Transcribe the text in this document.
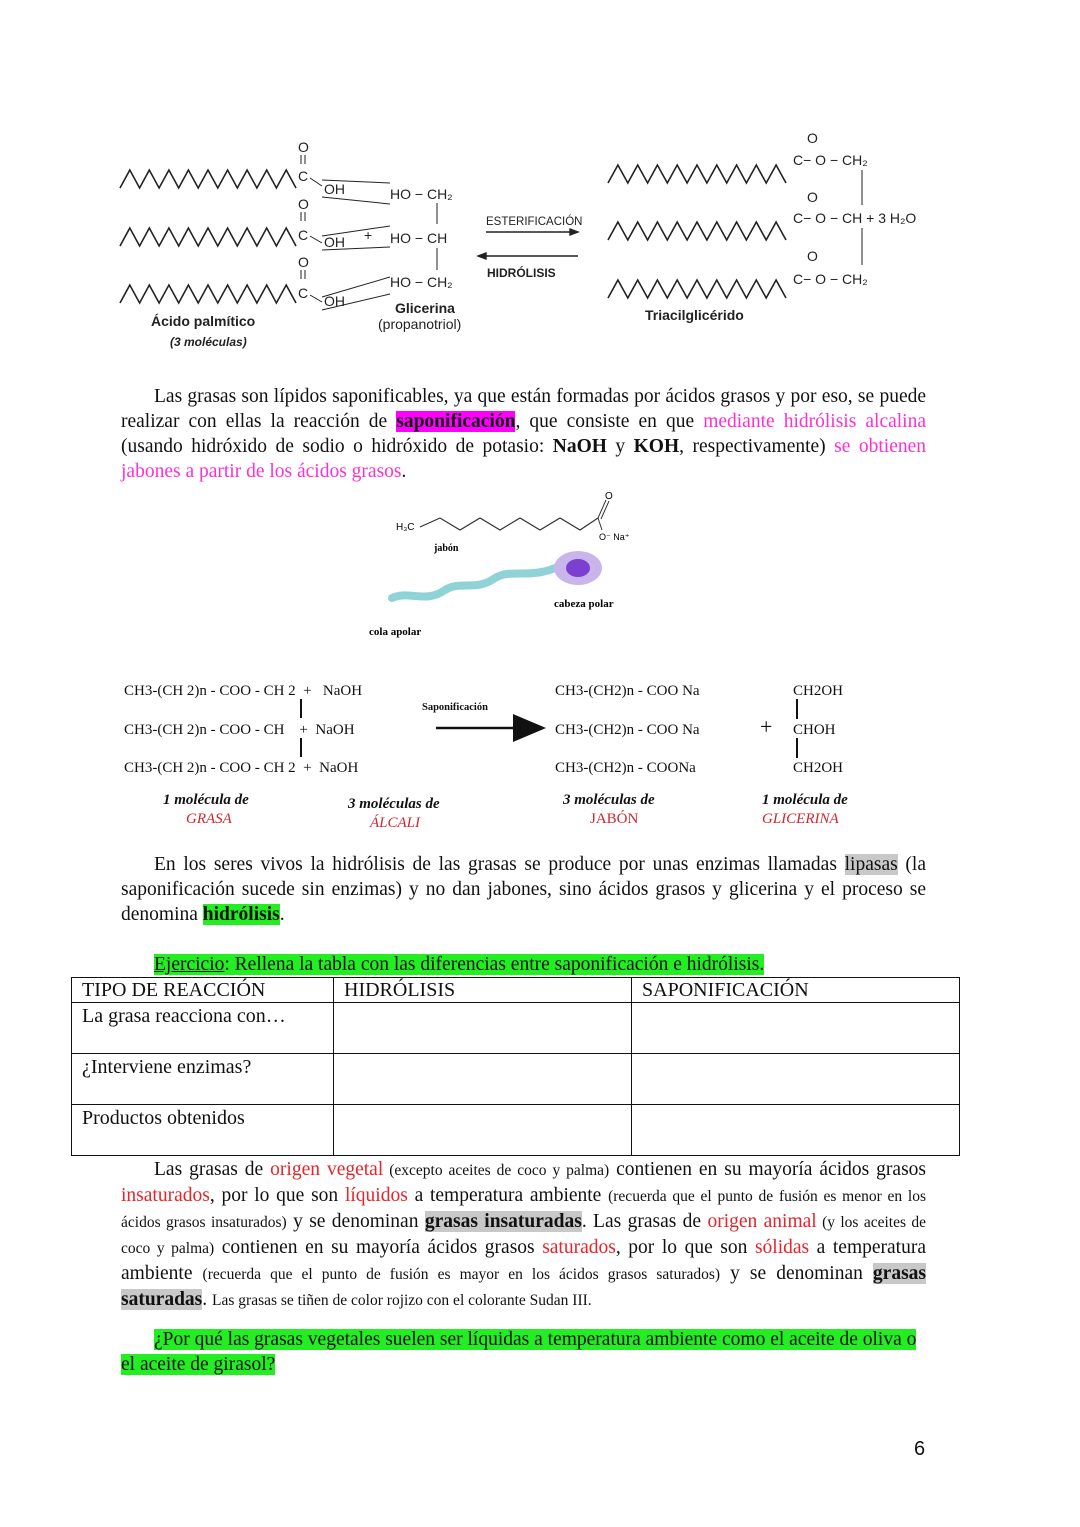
O
C
O
C
O
C
OH
OH
OH
HO − CH₂
+ HO − CH
HO − CH₂
Glicerina
(propanotriol)
Ácido palmítico
(3 moléculas)
ESTERIFICACIÓN
HIDRÓLISIS
Triacilglicérido
O
C− O − CH₂
O
C− O − CH + 3 H₂O
O
C− O − CH₂
H₃C
O
O⁻ Na⁺
jabón
cabeza polar
cola apolar
CH3-(CH 2)n - COO - CH 2  +   NaOH
CH3-(CH 2)n - COO - CH    +  NaOH
CH3-(CH 2)n - COO - CH 2  +  NaOH
Saponificación
CH3-(CH2)n - COO Na
CH3-(CH2)n - COO Na
CH3-(CH2)n - COONa
+
CH2OH
CHOH
CH2OH
1 molécula de
GRASA
3 moléculas de
ÁLCALI
3 moléculas de
JABÓN
1 molécula de
GLICERINA
Las grasas son lípidos saponificables, ya que están formadas por ácidos grasos y por eso, se puede realizar con ellas la reacción de saponificación, que consiste en que mediante hidrólisis alcalina (usando hidróxido de sodio o hidróxido de potasio: NaOH y KOH, respectivamente) se obtienen jabones a partir de los ácidos grasos.
En los seres vivos la hidrólisis de las grasas se produce por unas enzimas llamadas lipasas (la saponificación sucede sin enzimas) y no dan jabones, sino ácidos grasos y glicerina y el proceso se denomina hidrólisis.
Ejercicio: Rellena la tabla con las diferencias entre saponificación e hidrólisis.
TIPO DE REACCIÓN	HIDRÓLISIS	SAPONIFICACIÓN
La grasa reacciona con…		
¿Interviene enzimas?		
Productos obtenidos		
Las grasas de origen vegetal (excepto aceites de coco y palma) contienen en su mayoría ácidos grasos insaturados, por lo que son líquidos a temperatura ambiente (recuerda que el punto de fusión es menor en los ácidos grasos insaturados) y se denominan grasas insaturadas. Las grasas de origen animal (y los aceites de coco y palma) contienen en su mayoría ácidos grasos saturados, por lo que son sólidas a temperatura ambiente (recuerda que el punto de fusión es mayor en los ácidos grasos saturados) y se denominan grasas saturadas. Las grasas se tiñen de color rojizo con el colorante Sudan III.
¿Por qué las grasas vegetales suelen ser líquidas a temperatura ambiente como el aceite de oliva o el aceite de girasol?
6
